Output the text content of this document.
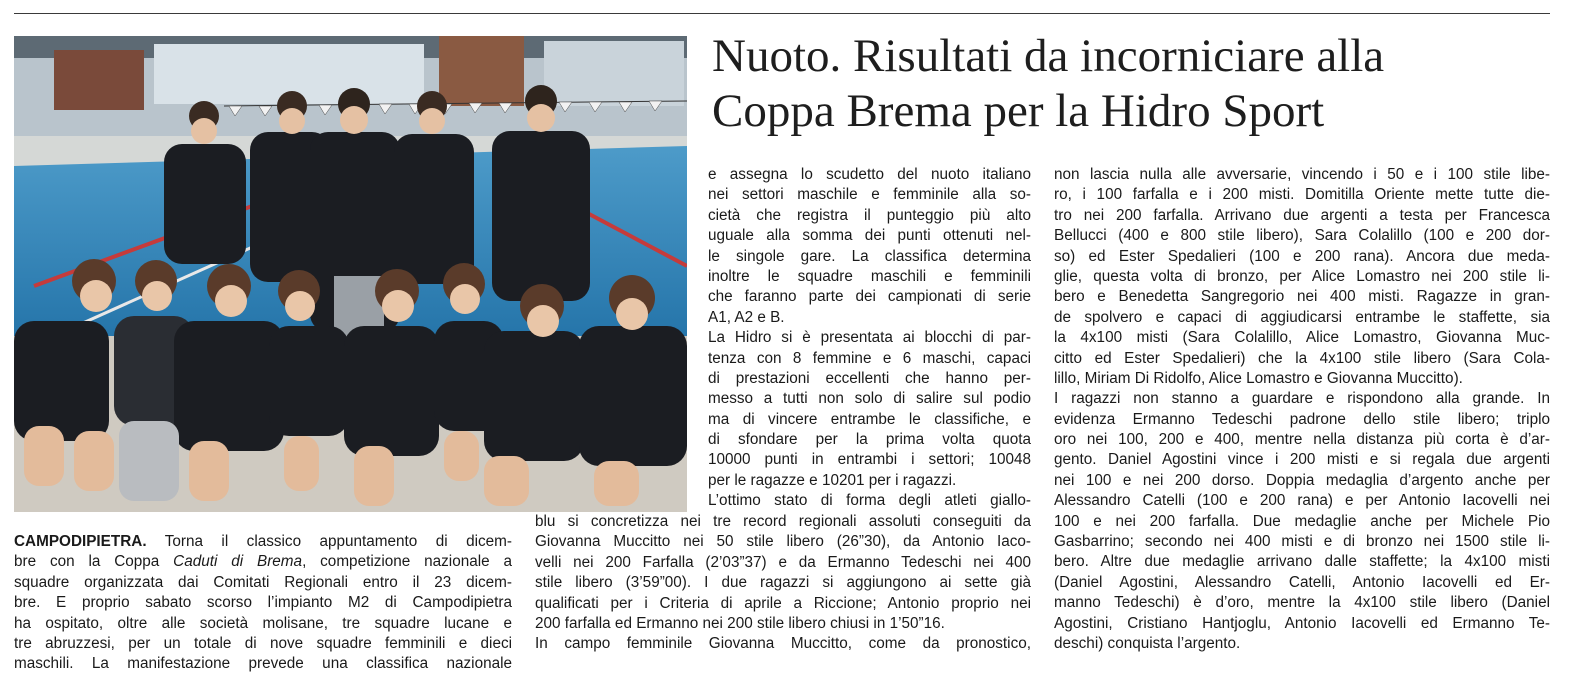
Nuoto. Risultati da incorniciare alla
Coppa Brema per la Hidro Sport
CAMPODIPIETRA. Torna il classico appuntamento di dicem-
bre con la Coppa Caduti di Brema, competizione nazionale a
squadre organizzata dai Comitati Regionali entro il 23 dicem-
bre. E proprio sabato scorso l’impianto M2 di Campodipietra
ha ospitato, oltre alle società molisane, tre squadre lucane e
tre abruzzesi, per un totale di nove squadre femminili e dieci
maschili. La manifestazione prevede una classifica nazionale
e assegna lo scudetto del nuoto italiano
nei settori maschile e femminile alla so-
cietà che registra il punteggio più alto
uguale alla somma dei punti ottenuti nel-
le singole gare. La classifica determina
inoltre le squadre maschili e femminili
che faranno parte dei campionati di serie
A1, A2 e B.
La Hidro si è presentata ai blocchi di par-
tenza con 8 femmine e 6 maschi, capaci
di prestazioni eccellenti che hanno per-
messo a tutti non solo di salire sul podio
ma di vincere entrambe le classifiche, e
di sfondare per la prima volta quota
10000 punti in entrambi i settori; 10048
per le ragazze e 10201 per i ragazzi.
L’ottimo stato di forma degli atleti giallo-
blu si concretizza nei tre record regionali assoluti conseguiti da
Giovanna Muccitto nei 50 stile libero (26”30), da Antonio Iaco-
velli nei 200 Farfalla (2’03”37) e da Ermanno Tedeschi nei 400
stile libero (3’59”00). I due ragazzi si aggiungono ai sette già
qualificati per i Criteria di aprile a Riccione; Antonio proprio nei
200 farfalla ed Ermanno nei 200 stile libero chiusi in 1’50”16.
In campo femminile Giovanna Muccitto, come da pronostico,
non lascia nulla alle avversarie, vincendo i 50 e i 100 stile libe-
ro, i 100 farfalla e i 200 misti. Domitilla Oriente mette tutte die-
tro nei 200 farfalla. Arrivano due argenti a testa per Francesca
Bellucci (400 e 800 stile libero), Sara Colalillo (100 e 200 dor-
so) ed Ester Spedalieri (100 e 200 rana). Ancora due meda-
glie, questa volta di bronzo, per Alice Lomastro nei 200 stile li-
bero e Benedetta Sangregorio nei 400 misti. Ragazze in gran-
de spolvero e capaci di aggiudicarsi entrambe le staffette, sia
la 4x100 misti (Sara Colalillo, Alice Lomastro, Giovanna Muc-
citto ed Ester Spedalieri) che la 4x100 stile libero (Sara Cola-
lillo, Miriam Di Ridolfo, Alice Lomastro e Giovanna Muccitto).
I ragazzi non stanno a guardare e rispondono alla grande. In
evidenza Ermanno Tedeschi padrone dello stile libero; triplo
oro nei 100, 200 e 400, mentre nella distanza più corta è d’ar-
gento. Daniel Agostini vince i 200 misti e si regala due argenti
nei 100 e nei 200 dorso. Doppia medaglia d’argento anche per
Alessandro Catelli (100 e 200 rana) e per Antonio Iacovelli nei
100 e nei 200 farfalla. Due medaglie anche per Michele Pio
Gasbarrino; secondo nei 400 misti e di bronzo nei 1500 stile li-
bero. Altre due medaglie arrivano dalle staffette; la 4x100 misti
(Daniel Agostini, Alessandro Catelli, Antonio Iacovelli ed Er-
manno Tedeschi) è d’oro, mentre la 4x100 stile libero (Daniel
Agostini, Cristiano Hantjoglu, Antonio Iacovelli ed Ermanno Te-
deschi) conquista l’argento.
